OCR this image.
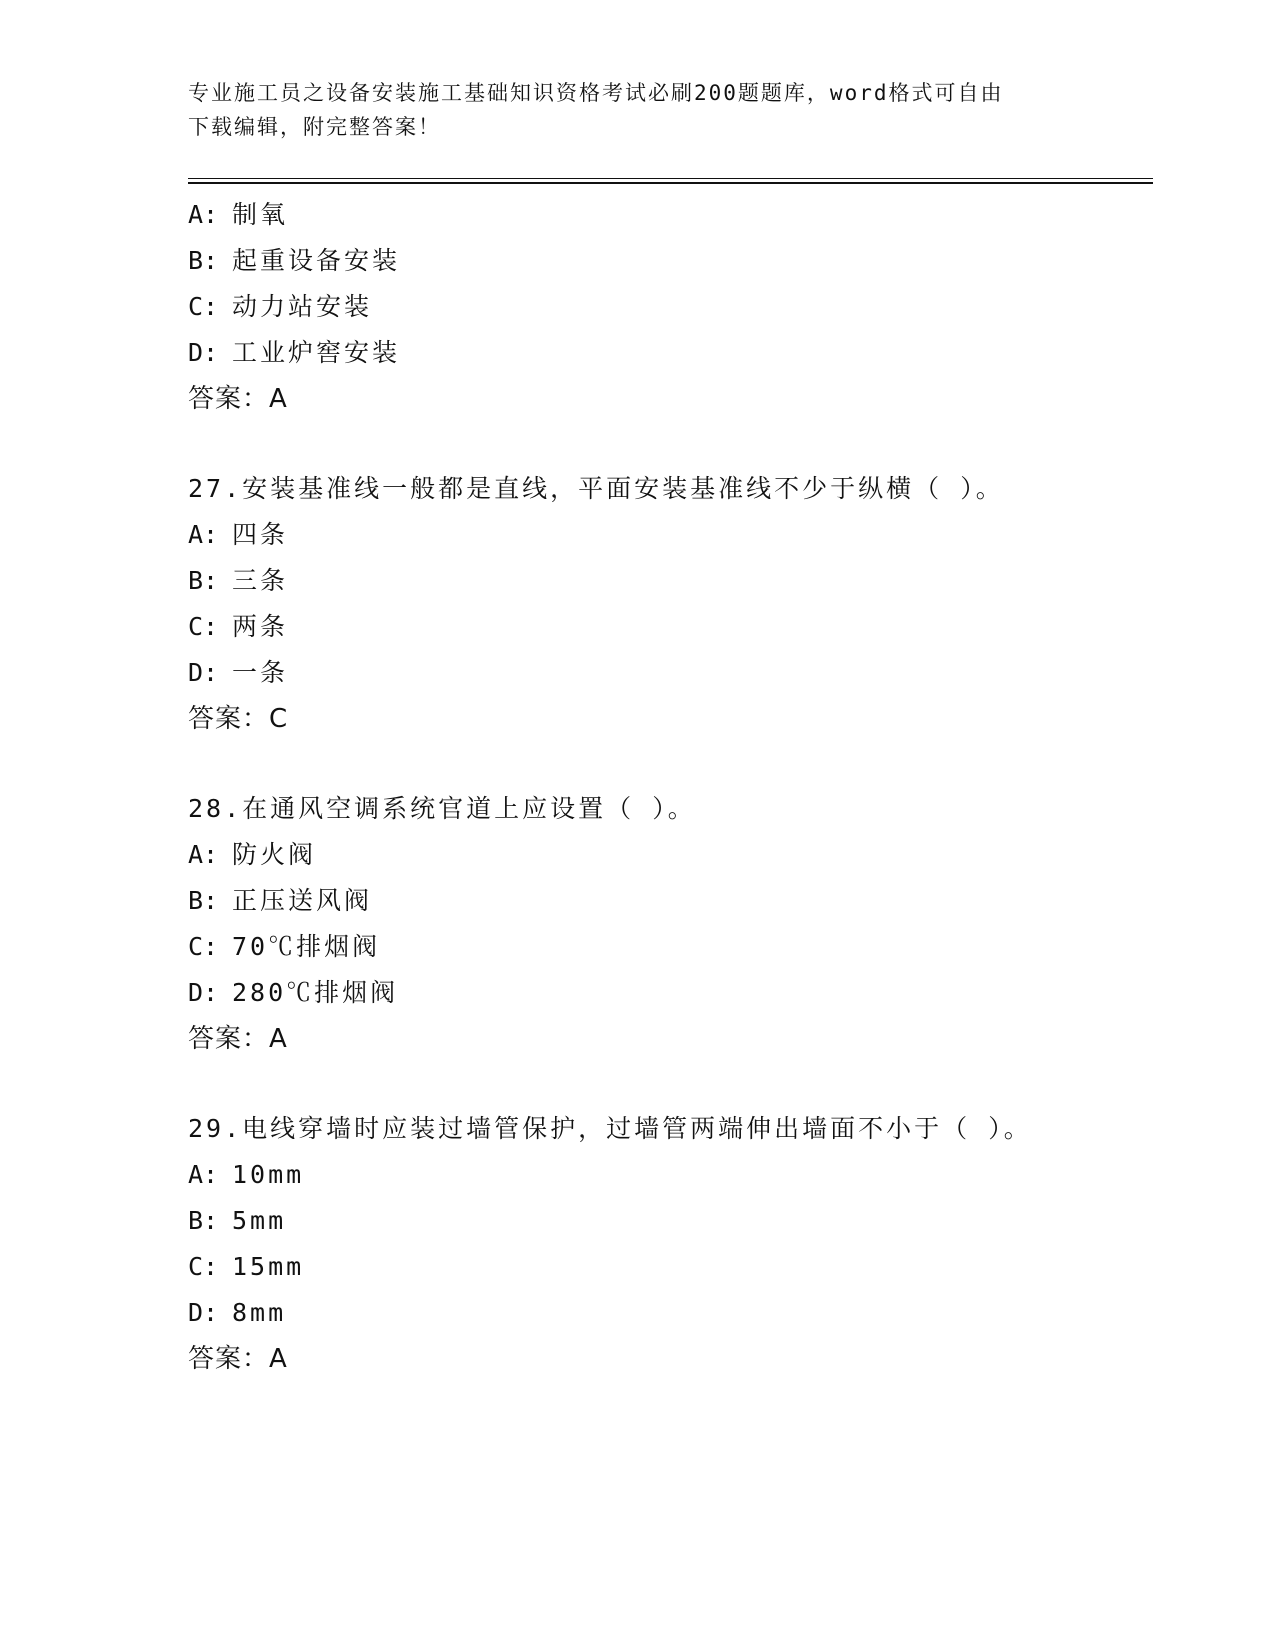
专业施工员之设备安装施工基础知识资格考试必刷200题题库，word格式可自由
下载编辑，附完整答案！
A: 制氧
B: 起重设备安装
C: 动力站安装
D: 工业炉窖安装
答案：A
27.安装基准线一般都是直线，平面安装基准线不少于纵横（ ）。
A: 四条
B: 三条
C: 两条
D: 一条
答案：C
28.在通风空调系统官道上应设置（ ）。
A: 防火阀
B: 正压送风阀
C: 70℃排烟阀
D: 280℃排烟阀
答案：A
29.电线穿墙时应装过墙管保护，过墙管两端伸出墙面不小于（ ）。
A: 10mm
B: 5mm
C: 15mm
D: 8mm
答案：A
